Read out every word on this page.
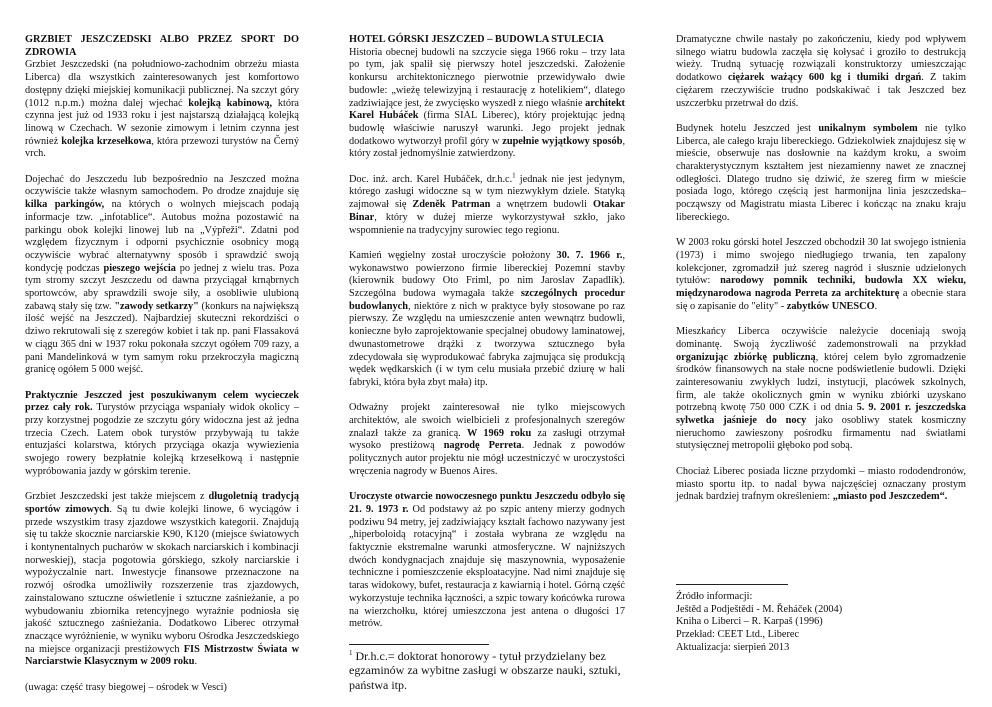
GRZBIET JESZCZEDSKI ALBO PRZEZ SPORT DO ZDROWIA

Grzbiet Jeszczedski (na południowo-zachodnim obrzeżu miasta Liberca) dla wszystkich zainteresowanych jest komfortowo dostępny dzięki miejskiej komunikacji publicznej. Na szczyt góry (1012 n.p.m.) można dalej wjechać kolejką kabinową, która czynna jest już od 1933 roku i jest najstarszą działającą kolejką linową w Czechach. W sezonie zimowym i letnim czynna jest również kolejka krzesełkowa, która przewozi turystów na Černý vrch.

Dojechać do Jeszczedu lub bezpośrednio na Jeszczed można oczywiście także własnym samochodem. Po drodze znajduje się kilka parkingów, na których o wolnych miejscach podają informacje tzw. „infotablice“. Autobus można pozostawić na parkingu obok kolejki linowej lub na „Výpřeži“. Zdatni pod względem fizycznym i odporni psychicznie osobnicy mogą oczywiście wybrać alternatywny sposób i sprawdzić swoją kondycję podczas pieszego wejścia po jednej z wielu tras. Poza tym stromy szczyt Jeszczedu od dawna przyciągał krnąbrnych sportowców, aby sprawdzili swoje siły, a osobliwie ulubioną zabawą stały się tzw. "zawody setkarzy" (konkurs na największą ilość wejść na Jeszczed). Najbardziej skuteczni rekordziści o dziwo rekrutowali się z szeregów kobiet i tak np. pani Flassaková w ciągu 365 dni w 1937 roku pokonała szczyt ogółem 709 razy, a pani Mandelinková w tym samym roku przekroczyła magiczną granicę ogółem 5 000 wejść.

Praktycznie Jeszczed jest poszukiwanym celem wycieczek przez cały rok. Turystów przyciąga wspaniały widok okolicy – przy korzystnej pogodzie ze szczytu góry widoczna jest aż jedna trzecia Czech. Latem obok turystów przybywają tu także entuzjaści kolarstwa, których przyciąga okazja wywiezienia swojego rowery bezpłatnie kolejką krzesełkową i następnie wypróbowania jazdy w górskim terenie.

Grzbiet Jeszczedski jest także miejscem z długoletnią tradycją sportów zimowych. Są tu dwie kolejki linowe, 6 wyciągów i przede wszystkim trasy zjazdowe wszystkich kategorii. Znajdują się tu także skocznie narciarskie K90, K120 (miejsce światowych i kontynentalnych pucharów w skokach narciarskich i kombinacji norweskiej), stacja pogotowia górskiego, szkoły narciarskie i wypożyczalnie nart. Inwestycje finansowe przeznaczone na rozwój ośrodka umożliwiły rozszerzenie tras zjazdowych, zainstalowano sztuczne oświetlenie i sztuczne zaśnieżanie, a po wybudowaniu zbiornika retencyjnego wyraźnie podniosła się jakość sztucznego zaśnieżania. Dodatkowo Liberec otrzymał znaczące wyróżnienie, w wyniku wyboru Ośrodka Jeszczedskiego na miejsce organizacji prestiżowych FIS Mistrzostw Świata w Narciarstwie Klasycznym w 2009 roku.

(uwaga: część trasy biegowej – ośrodek w Vesci)

HOTEL GÓRSKI JESZCZED – BUDOWLA STULECIA

Historia obecnej budowli na szczycie sięga 1966 roku – trzy lata po tym, jak spalił się pierwszy hotel jeszczedski. Założenie konkursu architektonicznego pierwotnie przewidywało dwie budowle: „wieżę telewizyjną i restaurację z hotelikiem“, dlatego zadziwiające jest, że zwycięsko wyszedł z niego właśnie architekt Karel Hubáček (firma SIAL Liberec), który projektując jedną budowlę właściwie naruszył warunki. Jego projekt jednak dodatkowo wytworzył profil góry w zupełnie wyjątkowy sposób, który został jednomyślnie zatwierdzony.

Doc. inż. arch. Karel Hubáček, dr.h.c.$^1$ jednak nie jest jedynym, którego zasługi widoczne są w tym niezwykłym dziele. Statyką zajmował się Zdeněk Patrman a wnętrzem budowli Otakar Binar, który w dużej mierze wykorzystywał szkło, jako wspomnienie na tradycyjny surowiec tego regionu.

Kamień węgielny został uroczyście położony 30. 7. 1966 r., wykonawstwo powierzono firmie libereckiej Pozemní stavby (kierownik budowy Oto Friml, po nim Jaroslav Zapadlík). Szczególna budowa wymagała także szczególnych procedur budowlanych, niektóre z nich w praktyce były stosowane po raz pierwszy. Ze względu na umieszczenie anten wewnątrz budowli, konieczne było zaprojektowanie specjalnej obudowy laminatowej, dwunastometrowe drążki z tworzywa sztucznego była zdecydowała się wyprodukować fabryka zajmująca się produkcją wędek wędkarskich (i w tym celu musiała przebić dziurę w hali fabryki, która była zbyt mała) itp.

Odważny projekt zainteresował nie tylko miejscowych architektów, ale swoich wielbicieli z profesjonalnych szeregów znalazł także za granicą. W 1969 roku za zasługi otrzymał wysoko prestiżową nagrodę Perreta. Jednak z powodów politycznych autor projektu nie mógł uczestniczyć w uroczystości wręczenia nagrody w Buenos Aires.

Uroczyste otwarcie nowoczesnego punktu Jeszczedu odbyło się 21. 9. 1973 r. Od podstawy aż po szpic anteny mierzy godnych podziwu 94 metry, jej zadziwiający kształt fachowo nazywany jest „hiperboloidą rotacyjną“ i została wybrana ze względu na faktycznie ekstremalne warunki atmosferyczne. W najniższych dwóch kondygnacjach znajduje się maszynownia, wyposażenie techniczne i pomieszczenie eksploatacyjne. Nad nimi znajduje się taras widokowy, bufet, restauracja z kawiarnią i hotel. Górną część wykorzystuje technika łączności, a szpic towary końcówka rurowa na wierzchołku, której umieszczona jest antena o długości 17 metrów.

$^1$ Dr.h.c.= doktorat honorowy - tytuł przydzielany bez egzaminów za wybitne zasługi w obszarze nauki, sztuki, państwa itp.

Dramatyczne chwile nastały po zakończeniu, kiedy pod wpływem silnego wiatru budowla zaczęła się kołysać i groziło to destrukcją wieży. Trudną sytuację rozwiązali konstruktorzy umieszczając dodatkowo ciężarek ważący 600 kg i tłumiki drgań. Z takim ciężarem rzeczywiście trudno podskakiwać i tak Jeszczed bez uszczerbku przetrwał do dziś.

Budynek hotelu Jeszczed jest unikalnym symbolem nie tylko Liberca, ale całego kraju libereckiego. Gdziekolwiek znajdujesz się w mieście, obserwuje nas dosłownie na każdym kroku, a swoim charakterystycznym kształtem jest niezamienny nawet ze znacznej odległości. Dlatego trudno się dziwić, że szereg firm w mieście posiada logo, którego częścią jest harmonijna linia jeszczedska– począwszy od Magistratu miasta Liberec i kończąc na znaku kraju libereckiego.

W 2003 roku górski hotel Jeszczed obchodził 30 lat swojego istnienia (1973) i mimo swojego niedługiego trwania, ten zapalony kolekcjoner, zgromadził już szereg nagród i słusznie udzielonych tytułów: narodowy pomnik techniki, budowla XX wieku, międzynarodowa nagroda Perreta za architekturę a obecnie stara się o zapisanie do "elity" - zabytków UNESCO.

Mieszkańcy Liberca oczywiście należycie doceniają swoją dominantę. Swoją życzliwość zademonstrowali na przykład organizując zbiórkę publiczną, której celem było zgromadzenie środków finansowych na stałe nocne podświetlenie budowli. Dzięki zainteresowaniu zwykłych ludzi, instytucji, placówek szkolnych, firm, ale także okolicznych gmin w wyniku zbiórki uzyskano potrzebną kwotę 750 000 CZK i od dnia 5. 9. 2001 r. jeszczedska sylwetka jaśnieje do nocy jako osobliwy statek kosmiczny nieruchomo zawieszony pośrodku firmamentu nad światłami stutysięcznej metropolii głęboko pod sobą.

Chociaż Liberec posiada liczne przydomki – miasto rododendronów, miasto sportu itp. to nadal bywa najczęściej oznaczany prostym jednak bardziej trafnym określeniem: „miasto pod Jeszczedem“.

Źródło informacji:

Ještěd a Podještědí - M. Řeháček (2004)

Kniha o Liberci – R. Karpaš (1996)

Przekład: CEET Ltd., Liberec

Aktualizacja: sierpień 2013
